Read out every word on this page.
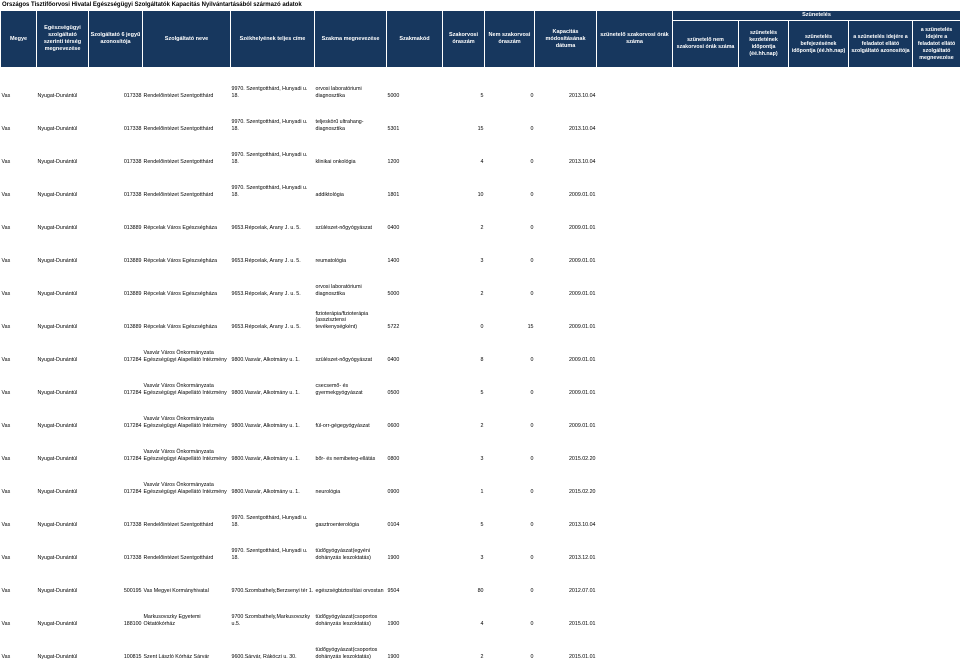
Országos Tisztifőorvosi Hivatal Egészségügyi Szolgáltatók Kapacitás Nyilvántartásából származó adatok
Megye	Egészségügyi szolgáltató szerinti térség megnevezése	Szolgáltató 6 jegyű azonosítója	Szolgáltató neve	Székhelyének teljes címe	Szakma megnevezése	Szakmakód	Szakorvosi óraszám	Nem szakorvosi óraszám	Kapacitás módosításának dátuma	szünetelő szakorvosi órák száma	Szünetelés				
											szünetelő nem szakorvosi órák száma	szünetelés kezdetének időpontja (éé.hh.nap)	szünetelés befejezésének időpontja (éé.hh.nap)	a szünetelés idejére a feladatot ellátó szolgáltató azonosítója	a szünetelés idejére a feladatot ellátó szolgáltató megnevezése
Vas	Nyugat-Dunántúl	017338	Rendelőintézet Szentgotthárd	9970. Szentgotthárd, Hunyadi u. 18.	orvosi laboratóriumi diagnosztika	5000	5	0	2013.10.04						
Vas	Nyugat-Dunántúl	017338	Rendelőintézet Szentgotthárd	9970. Szentgotthárd, Hunyadi u. 18.	teljeskörű ultrahang-diagnosztika	5301	15	0	2013.10.04						
Vas	Nyugat-Dunántúl	017338	Rendelőintézet Szentgotthárd	9970. Szentgotthárd, Hunyadi u. 18.	klinikai onkológia	1200	4	0	2013.10.04						
Vas	Nyugat-Dunántúl	017338	Rendelőintézet Szentgotthárd	9970. Szentgotthárd, Hunyadi u. 18.	addiktológia	1801	10	0	2009.01.01						
Vas	Nyugat-Dunántúl	013889	Répcelak Város Egészségháza	9653.Répcelak, Arany J. u. 5.	szülészet-nőgyógyászat	0400	2	0	2009.01.01						
Vas	Nyugat-Dunántúl	013889	Répcelak Város Egészségháza	9653.Répcelak, Arany J. u. 5.	reumatológia	1400	3	0	2009.01.01						
Vas	Nyugat-Dunántúl	013889	Répcelak Város Egészségháza	9653.Répcelak, Arany J. u. 5.	orvosi laboratóriumi diagnosztika	5000	2	0	2009.01.01						
Vas	Nyugat-Dunántúl	013889	Répcelak Város Egészségháza	9653.Répcelak, Arany J. u. 5.	fizioterápia/fizioterápia (asszisztensi tevékenységként)	5722	0	15	2009.01.01						
Vas	Nyugat-Dunántúl	017284	Vasvár Város Önkormányzata Egészségügyi Alapellátó Intézmény	9800.Vasvár, Alkotmány u. 1.	szülészet-nőgyógyászat	0400	8	0	2009.01.01						
Vas	Nyugat-Dunántúl	017284	Vasvár Város Önkormányzata Egészségügyi Alapellátó Intézmény	9800.Vasvár, Alkotmány u. 1.	csecsemő- és gyermekgyógyászat	0500	5	0	2009.01.01						
Vas	Nyugat-Dunántúl	017284	Vasvár Város Önkormányzata Egészségügyi Alapellátó Intézmény	9800.Vasvár, Alkotmány u. 1.	fül-orr-gégegyógyászat	0600	2	0	2009.01.01						
Vas	Nyugat-Dunántúl	017284	Vasvár Város Önkormányzata Egészségügyi Alapellátó Intézmény	9800.Vasvár, Alkotmány u. 1.	bőr- és nemibeteg-ellátás	0800	3	0	2015.02.20						
Vas	Nyugat-Dunántúl	017284	Vasvár Város Önkormányzata Egészségügyi Alapellátó Intézmény	9800.Vasvár, Alkotmány u. 1.	neurológia	0900	1	0	2015.02.20						
Vas	Nyugat-Dunántúl	017338	Rendelőintézet Szentgotthárd	9970. Szentgotthárd, Hunyadi u. 18.	gasztroenterológia	0104	5	0	2013.10.04						
Vas	Nyugat-Dunántúl	017338	Rendelőintézet Szentgotthárd	9970. Szentgotthárd, Hunyadi u. 18.	tüdőgyógyászat(egyéni dohányzás leszoktatás)	1900	3	0	2013.12.01						
Vas	Nyugat-Dunántúl	500195	Vas Megyei Kormányhivatal	9700.Szombathely,Berzsenyi tér 1.	egészségbiztosítási orvostan	9504	80	0	2012.07.01						
Vas	Nyugat-Dunántúl	188100	Markusovszky Egyetemi Oktatókórház	9700 Szombathely,Markusovszky u.5.	tüdőgyógyászat(csoportos dohányzás leszoktatás)	1900	4	0	2015.01.01						
Vas	Nyugat-Dunántúl	100815	Szent László Kórház Sárvár	9600.Sárvár, Rákóczi u. 30.	tüdőgyógyászat(csoportos dohányzás leszoktatás)	1900	2	0	2015.01.01						
